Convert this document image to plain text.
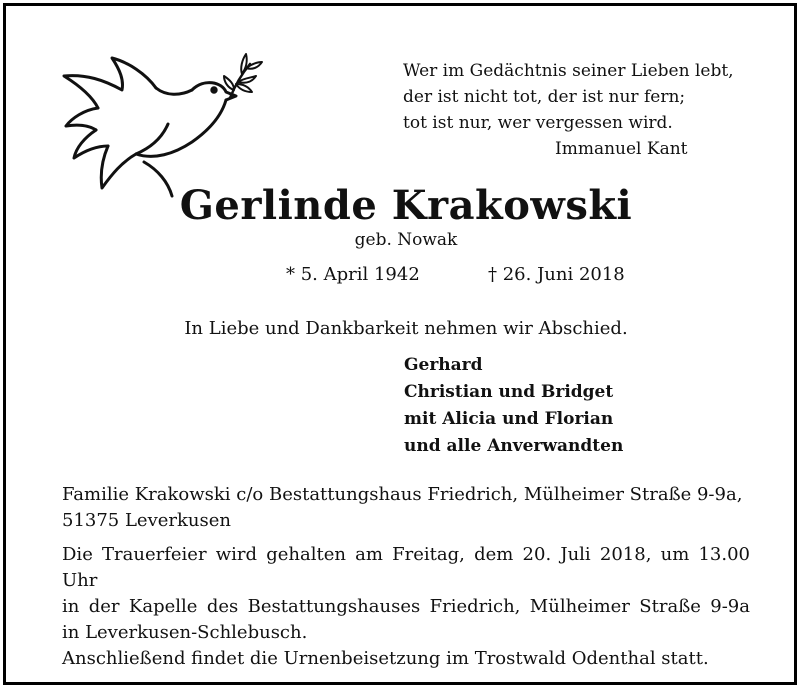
Wer im Gedächtnis seiner Lieben lebt,
der ist nicht tot, der ist nur fern;
tot ist nur, wer vergessen wird.
Immanuel Kant
Gerlinde Krakowski
geb. Nowak
* 5. April 1942	† 26. Juni 2018
In Liebe und Dankbarkeit nehmen wir Abschied.
Gerhard
Christian und Bridget
mit Alicia und Florian
und alle Anverwandten
Familie Krakowski c/o Bestattungshaus Friedrich, Mülheimer Straße 9-9a,
51375 Leverkusen
Die Trauerfeier wird gehalten am Freitag, dem 20. Juli 2018, um 13.00 Uhr
in der Kapelle des Bestattungshauses Friedrich, Mülheimer Straße 9-9a
in Leverkusen-Schlebusch.
Anschließend findet die Urnenbeisetzung im Trostwald Odenthal statt.
